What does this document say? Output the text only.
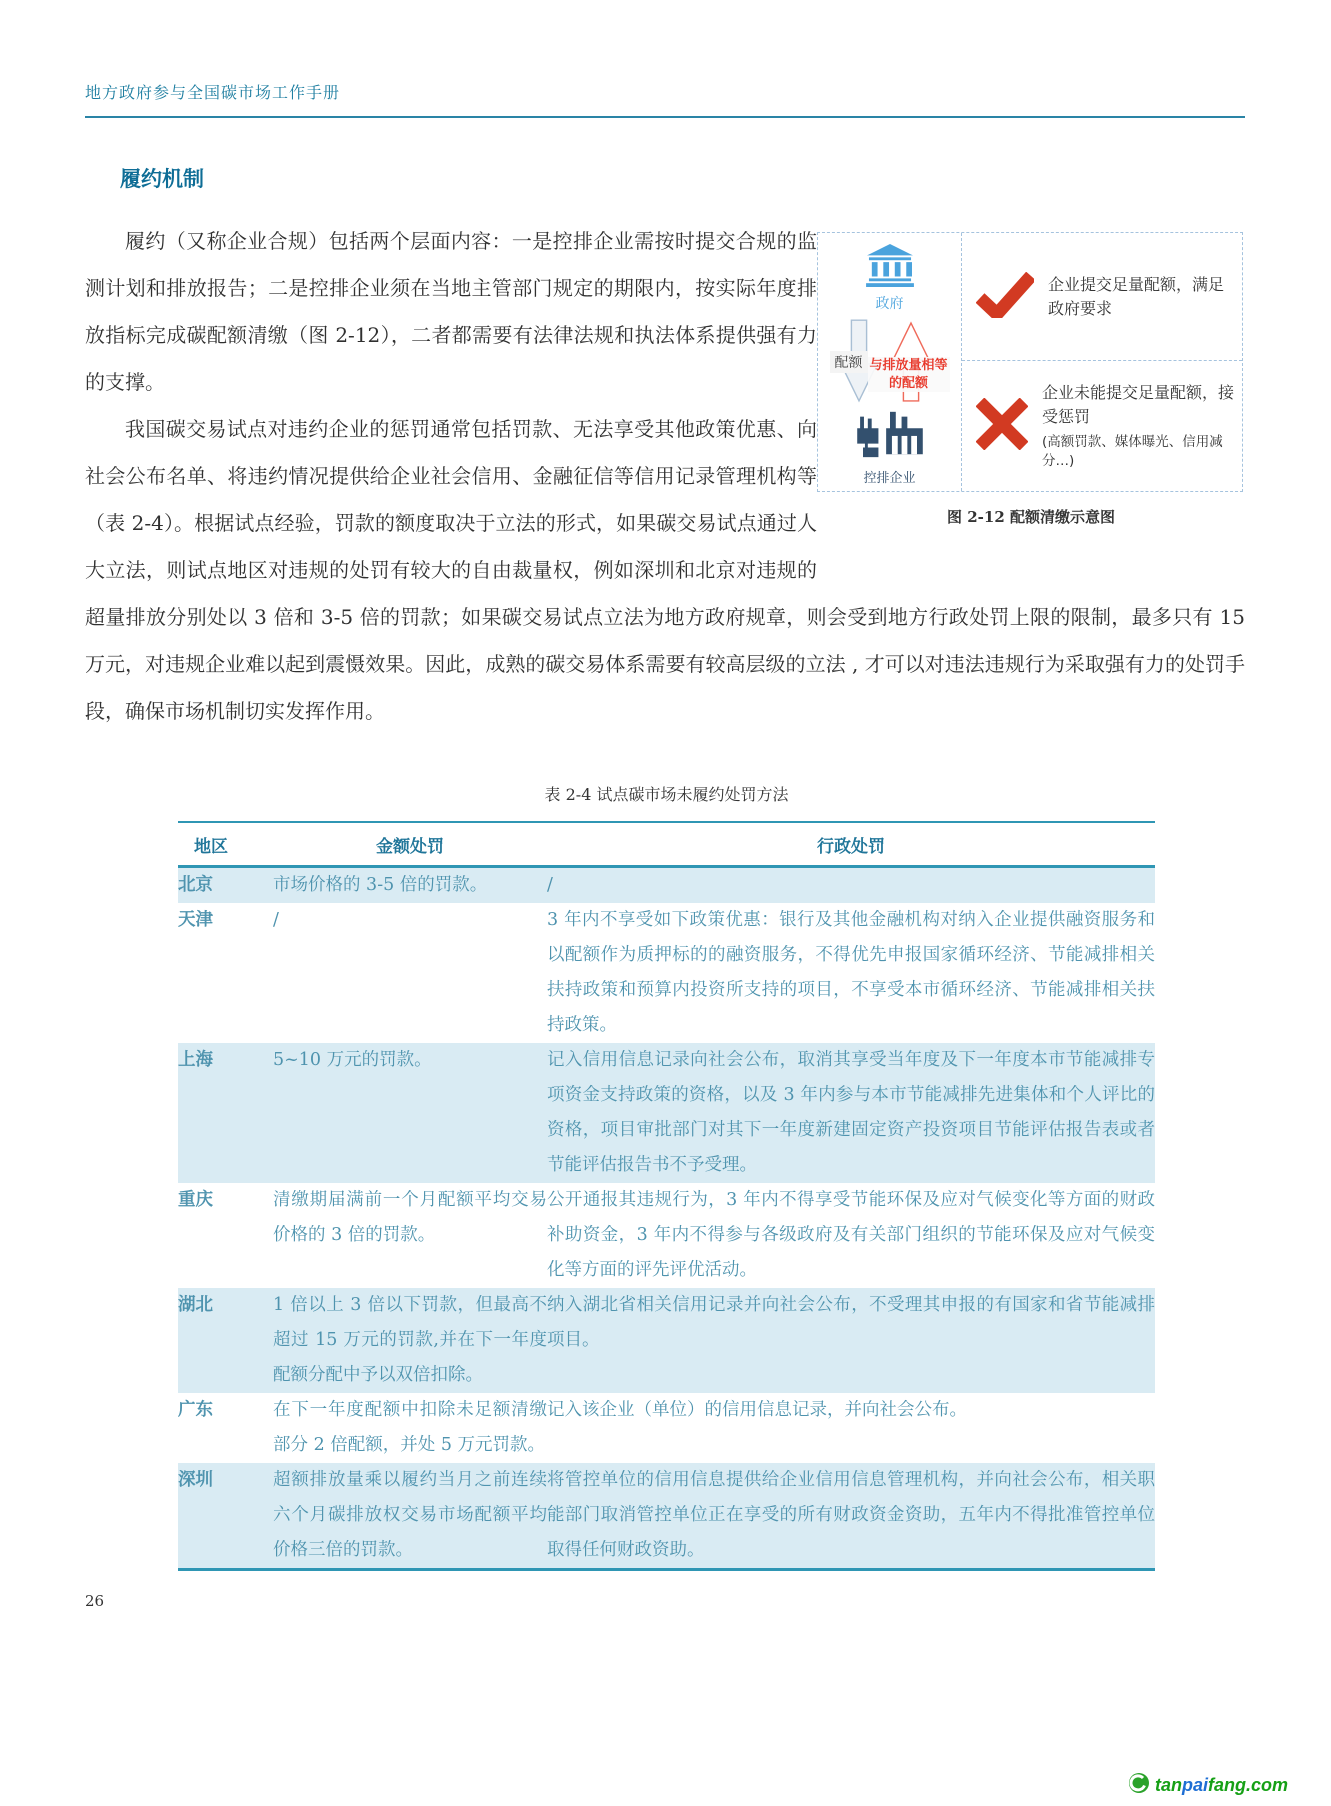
地方政府参与全国碳市场工作手册
履约机制
政府
配额 与排放量相等的配额
控排企业

企业提交足量配额，满足政府要求

企业未能提交足量配额，接受惩罚

(高额罚款、媒体曝光、信用减分…)

图 2-12 配额清缴示意图

履约（又称企业合规）包括两个层面内容：一是控排企业需按时提交合规的监测计划和排放报告；二是控排企业须在当地主管部门规定的期限内，按实际年度排放指标完成碳配额清缴（图 2-12），二者都需要有法律法规和执法体系提供强有力的支撑。

我国碳交易试点对违约企业的惩罚通常包括罚款、无法享受其他政策优惠、向社会公布名单、将违约情况提供给企业社会信用、金融征信等信用记录管理机构等（表 2-4）。根据试点经验，罚款的额度取决于立法的形式，如果碳交易试点通过人大立法，则试点地区对违规的处罚有较大的自由裁量权，例如深圳和北京对违规的超量排放分别处以 3 倍和 3-5 倍的罚款；如果碳交易试点立法为地方政府规章，则会受到地方行政处罚上限的限制，最多只有 15 万元，对违规企业难以起到震慑效果。因此，成熟的碳交易体系需要有较高层级的立法 , 才可以对违法违规行为采取强有力的处罚手段，确保市场机制切实发挥作用。

表 2-4 试点碳市场未履约处罚方法
地区	金额处罚	行政处罚
北京	市场价格的 3-5 倍的罚款。	/
天津	/	3 年内不享受如下政策优惠：银行及其他金融机构对纳入企业提供融资服务和以配额作为质押标的的融资服务，不得优先申报国家循环经济、节能减排相关扶持政策和预算内投资所支持的项目，不享受本市循环经济、节能减排相关扶持政策。
上海	5~10 万元的罚款。	记入信用信息记录向社会公布，取消其享受当年度及下一年度本市节能减排专项资金支持政策的资格，以及 3 年内参与本市节能减排先进集体和个人评比的资格，项目审批部门对其下一年度新建固定资产投资项目节能评估报告表或者节能评估报告书不予受理。
重庆	清缴期届满前一个月配额平均交易价格的 3 倍的罚款。	公开通报其违规行为，3 年内不得享受节能环保及应对气候变化等方面的财政补助资金，3 年内不得参与各级政府及有关部门组织的节能环保及应对气候变化等方面的评先评优活动。
湖北	1 倍以上 3 倍以下罚款，但最高不超过 15 万元的罚款,并在下一年度配额分配中予以双倍扣除。	纳入湖北省相关信用记录并向社会公布，不受理其申报的有国家和省节能减排项目。
广东	在下一年度配额中扣除未足额清缴部分 2 倍配额，并处 5 万元罚款。	记入该企业（单位）的信用信息记录，并向社会公布。
深圳	超额排放量乘以履约当月之前连续六个月碳排放权交易市场配额平均价格三倍的罚款。	将管控单位的信用信息提供给企业信用信息管理机构，并向社会公布，相关职能部门取消管控单位正在享受的所有财政资金资助，五年内不得批准管控单位取得任何财政资助。
26
tan pai fang.com
